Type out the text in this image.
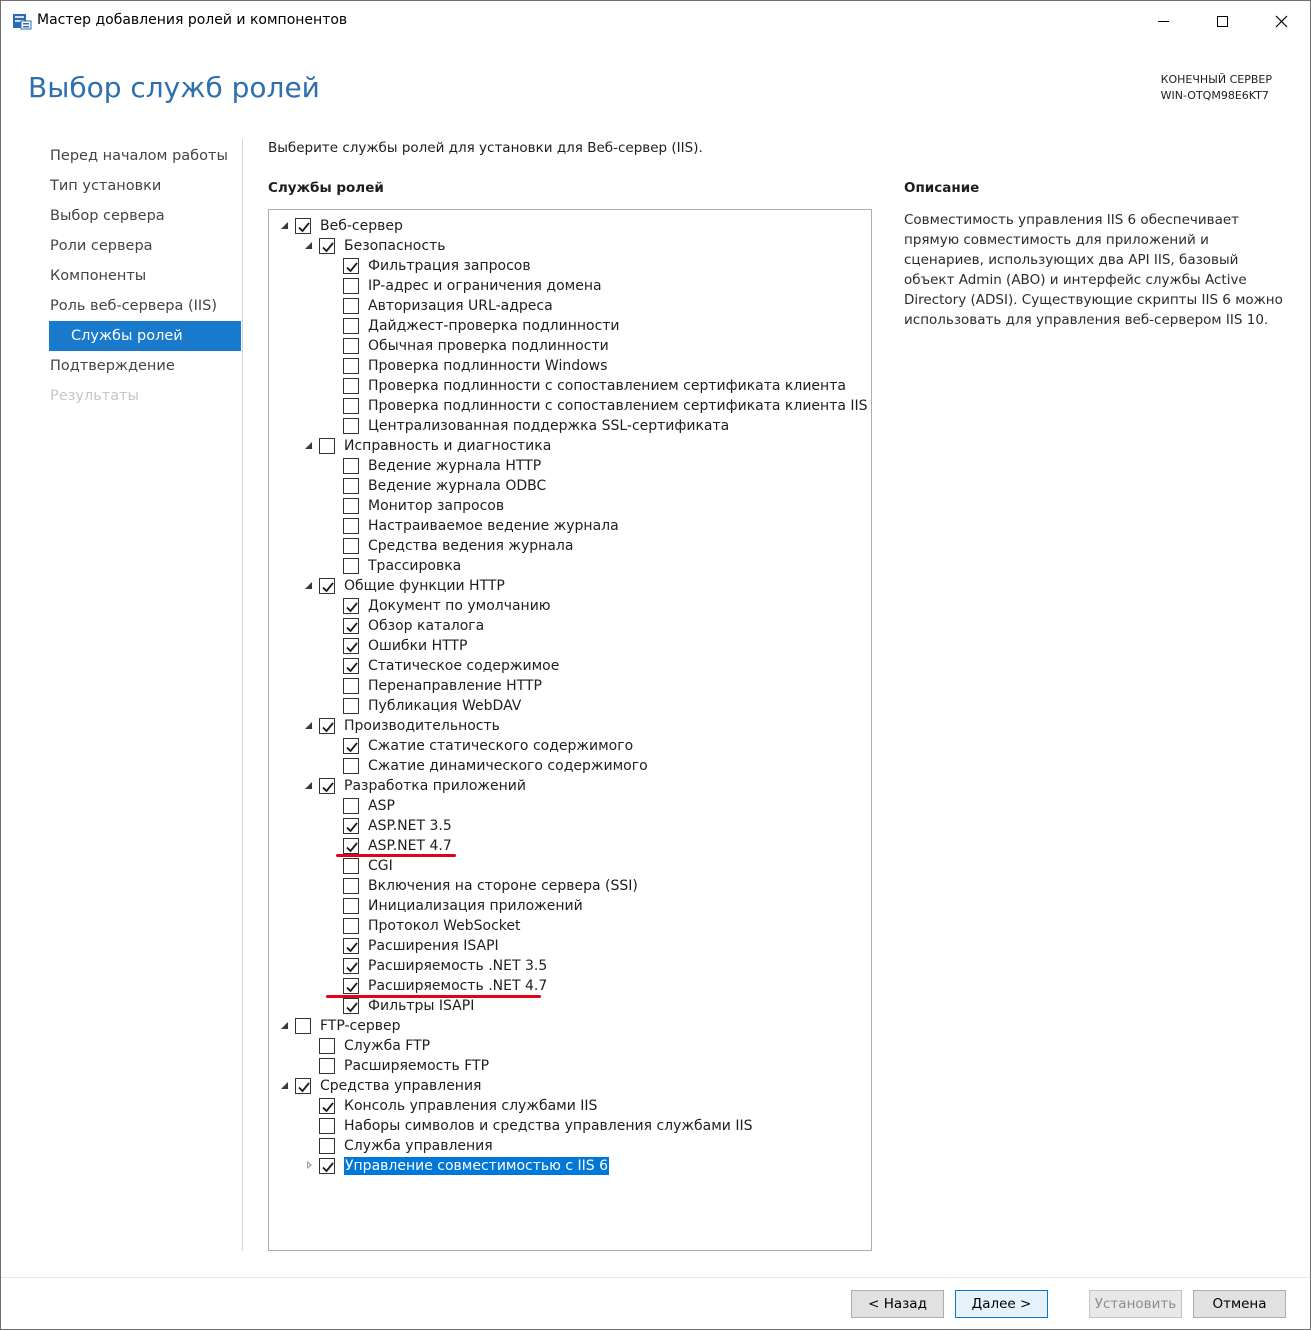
Мастер добавления ролей и компонентов
Выбор служб ролей	КОНЕЧНЫЙ СЕРВЕР
WIN-OTQM98E6KT7
Перед началом работы
Тип установки
Выбор сервера
Роли сервера
Компоненты
Роль веб-сервера (IIS)
Службы ролей
Подтверждение
Результаты
Выберите службы ролей для установки для Веб-сервер (IIS).
Службы ролей	Описание
Веб-сервер
Безопасность
Фильтрация запросов
IP-адрес и ограничения домена
Авторизация URL-адреса
Дайджест-проверка подлинности
Обычная проверка подлинности
Проверка подлинности Windows
Проверка подлинности с сопоставлением сертификата клиента
Проверка подлинности с сопоставлением сертификата клиента IIS
Централизованная поддержка SSL-сертификата
Исправность и диагностика
Ведение журнала HTTP
Ведение журнала ODBC
Монитор запросов
Настраиваемое ведение журнала
Средства ведения журнала
Трассировка
Общие функции HTTP
Документ по умолчанию
Обзор каталога
Ошибки HTTP
Статическое содержимое
Перенаправление HTTP
Публикация WebDAV
Производительность
Сжатие статического содержимого
Сжатие динамического содержимого
Разработка приложений
ASP
ASP.NET 3.5
ASP.NET 4.7
CGI
Включения на стороне сервера (SSI)
Инициализация приложений
Протокол WebSocket
Расширения ISAPI
Расширяемость .NET 3.5
Расширяемость .NET 4.7
Фильтры ISAPI
FTP-сервер
Служба FTP
Расширяемость FTP
Средства управления
Консоль управления службами IIS
Наборы символов и средства управления службами IIS
Служба управления
Управление совместимостью с IIS 6
Совместимость управления IIS 6 обеспечивает прямую совместимость для приложений и сценариев, использующих два API IIS, базовый объект Admin (ABO) и интерфейс службы Active Directory (ADSI). Существующие скрипты IIS 6 можно использовать для управления веб-сервером IIS 10.
< Назад	Далее >	Установить	Отмена
